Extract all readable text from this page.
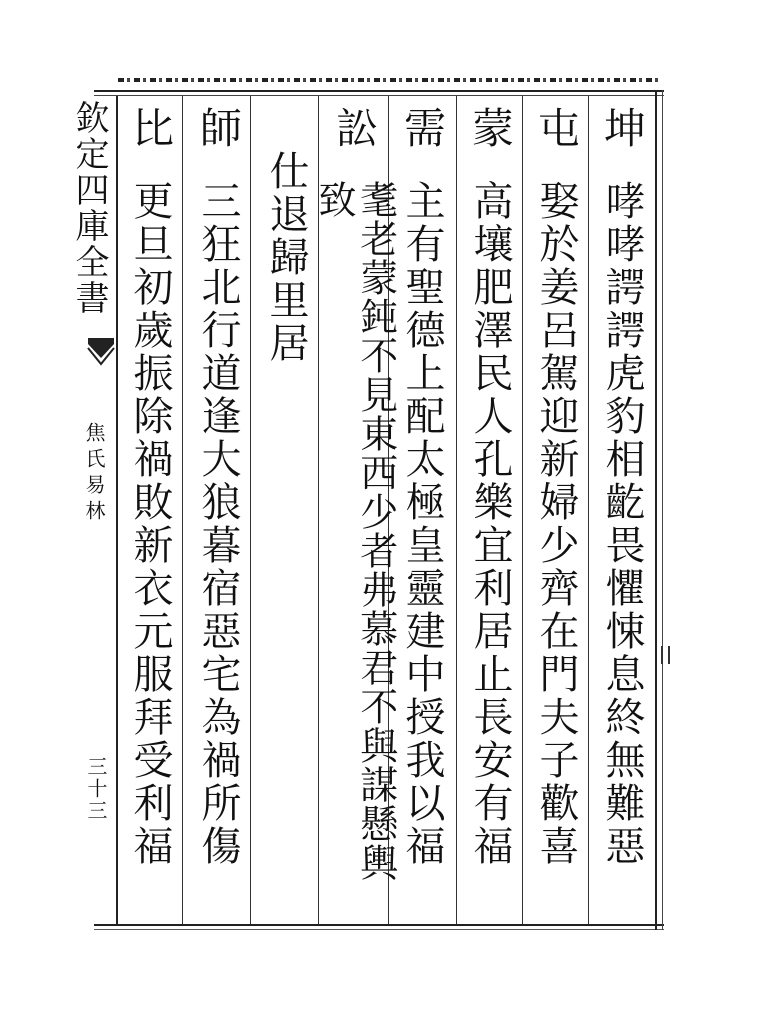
欽定四庫全書
焦氏易林
三十三
坤
哮哮諤諤虎豹相齕畏懼悚息終無難惡
屯
娶於姜呂駕迎新婦少齊在門夫子歡喜
蒙
高壤肥澤民人孔樂宜利居止長安有福
需
主有聖德上配太極皇靈建中授我以福
訟
耄老蒙鈍不見東西少者弗慕君不與謀懸輿致
仕退歸里居
師
三狂北行道逢大狼暮宿惡宅為禍所傷
比
更旦初歲振除禍敗新衣元服拜受利福
